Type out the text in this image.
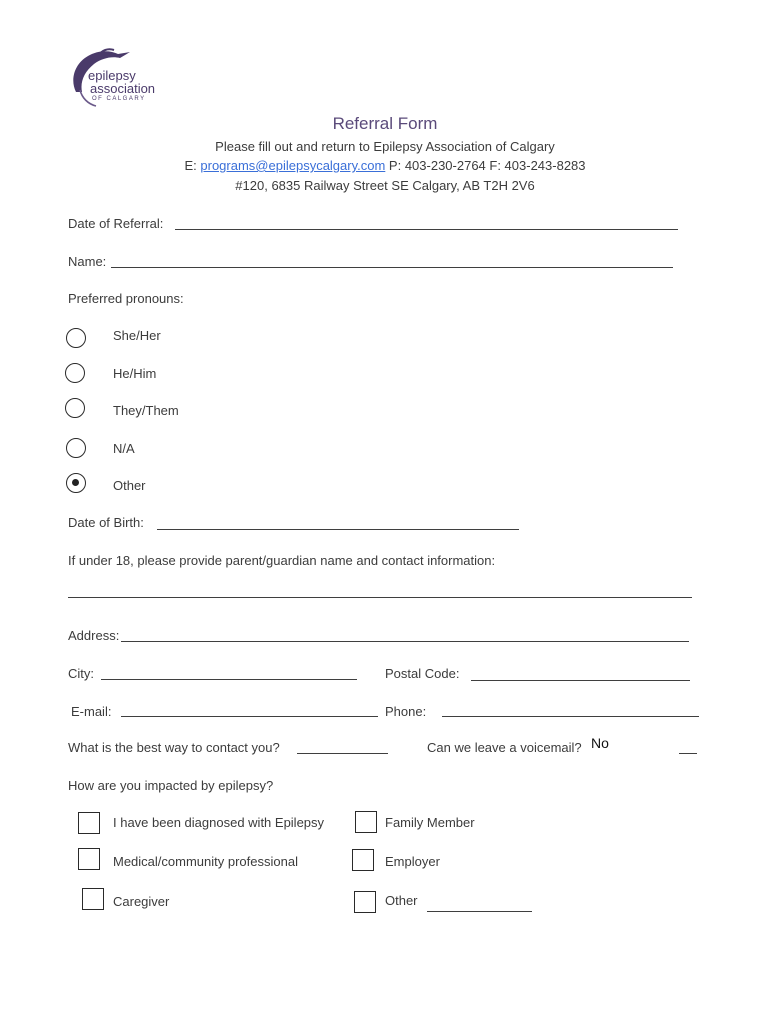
epilepsy
association
OF CALGARY
Referral Form
Please fill out and return to Epilepsy Association of Calgary
E: programs@epilepsycalgary.com P: 403-230-2764 F: 403-243-8283
#120, 6835 Railway Street SE Calgary, AB T2H 2V6
Date of Referral:
Name:
Preferred pronouns:
She/Her
He/Him
They/Them
N/A
Other
Date of Birth:
If under 18, please provide parent/guardian name and contact information:
Address:
City:	Postal Code:
E-mail:	Phone:
What is the best way to contact you?	Can we leave a voicemail? No
How are you impacted by epilepsy?
I have been diagnosed with Epilepsy	Family Member
Medical/community professional	Employer
Caregiver	Other
